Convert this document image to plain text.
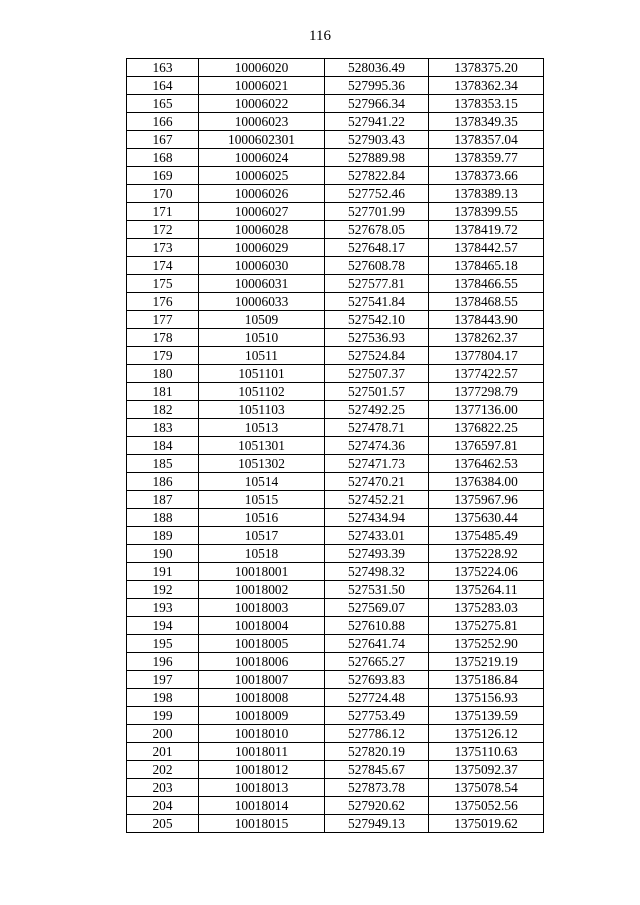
116
163	10006020	528036.49	1378375.20
164	10006021	527995.36	1378362.34
165	10006022	527966.34	1378353.15
166	10006023	527941.22	1378349.35
167	1000602301	527903.43	1378357.04
168	10006024	527889.98	1378359.77
169	10006025	527822.84	1378373.66
170	10006026	527752.46	1378389.13
171	10006027	527701.99	1378399.55
172	10006028	527678.05	1378419.72
173	10006029	527648.17	1378442.57
174	10006030	527608.78	1378465.18
175	10006031	527577.81	1378466.55
176	10006033	527541.84	1378468.55
177	10509	527542.10	1378443.90
178	10510	527536.93	1378262.37
179	10511	527524.84	1377804.17
180	1051101	527507.37	1377422.57
181	1051102	527501.57	1377298.79
182	1051103	527492.25	1377136.00
183	10513	527478.71	1376822.25
184	1051301	527474.36	1376597.81
185	1051302	527471.73	1376462.53
186	10514	527470.21	1376384.00
187	10515	527452.21	1375967.96
188	10516	527434.94	1375630.44
189	10517	527433.01	1375485.49
190	10518	527493.39	1375228.92
191	10018001	527498.32	1375224.06
192	10018002	527531.50	1375264.11
193	10018003	527569.07	1375283.03
194	10018004	527610.88	1375275.81
195	10018005	527641.74	1375252.90
196	10018006	527665.27	1375219.19
197	10018007	527693.83	1375186.84
198	10018008	527724.48	1375156.93
199	10018009	527753.49	1375139.59
200	10018010	527786.12	1375126.12
201	10018011	527820.19	1375110.63
202	10018012	527845.67	1375092.37
203	10018013	527873.78	1375078.54
204	10018014	527920.62	1375052.56
205	10018015	527949.13	1375019.62
